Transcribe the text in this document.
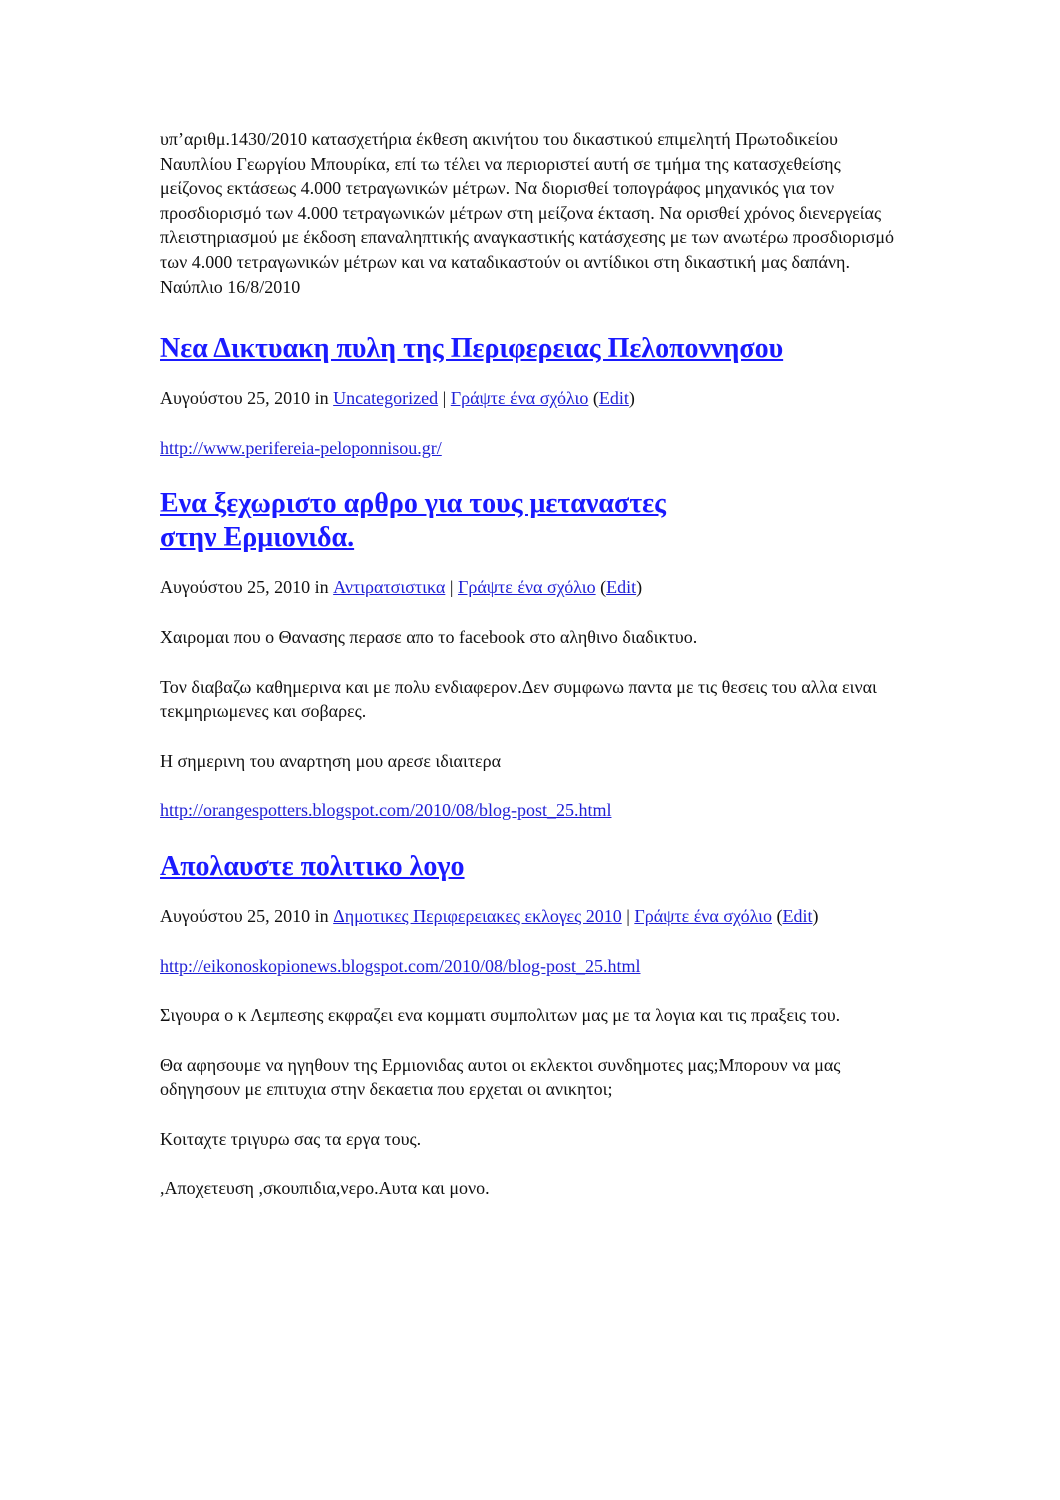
υπ’αριθμ.1430/2010 κατασχετήρια έκθεση ακινήτου του δικαστικού επιμελητή Πρωτοδικείου Ναυπλίου Γεωργίου Μπουρίκα, επί τω τέλει να περιοριστεί αυτή σε τμήμα της κατασχεθείσης μείζονος εκτάσεως 4.000 τετραγωνικών μέτρων. Να διορισθεί τοπογράφος μηχανικός για τον προσδιορισμό των 4.000 τετραγωνικών μέτρων στη μείζονα έκταση. Να ορισθεί χρόνος διενεργείας πλειστηριασμού με έκδοση επαναληπτικής αναγκαστικής κατάσχεσης με των ανωτέρω προσδιορισμό των 4.000 τετραγωνικών μέτρων και να καταδικαστούν οι αντίδικοι στη δικαστική μας δαπάνη.

Ναύπλιο 16/8/2010

Νεα Δικτυακη πυλη της Περιφερειας Πελοποννησου

Αυγούστου 25, 2010 in Uncategorized | Γράψτε ένα σχόλιο (Edit)

http://www.perifereia-peloponnisou.gr/

Ενα ξεχωριστο αρθρο για τους μεταναστες
στην Ερμιονιδα.

Αυγούστου 25, 2010 in Αντιρατσιστικα | Γράψτε ένα σχόλιο (Edit)

Χαιρομαι που ο Θανασης περασε απο το facebook στο αληθινο διαδικτυο.

Τον διαβαζω καθημερινα και με πολυ ενδιαφερον.Δεν συμφωνω παντα με τις θεσεις του αλλα ειναι τεκμηριωμενες και σοβαρες.

Η σημερινη του αναρτηση μου αρεσε ιδιαιτερα

http://orangespotters.blogspot.com/2010/08/blog-post_25.html

Απολαυστε πολιτικο λογο

Αυγούστου 25, 2010 in Δημοτικες Περιφερειακες εκλογες 2010 | Γράψτε ένα σχόλιο (Edit)

http://eikonoskopionews.blogspot.com/2010/08/blog-post_25.html

Σιγουρα ο κ Λεμπεσης εκφραζει ενα κομματι συμπολιτων μας με τα λογια και τις πραξεις του.

Θα αφησουμε να ηγηθουν της Ερμιονιδας αυτοι οι εκλεκτοι συνδημοτες μας;Μπορουν να μας οδηγησουν με επιτυχια στην δεκαετια που ερχεται οι ανικητοι;

Κοιταχτε τριγυρω σας τα εργα τους.

,Αποχετευση ,σκουπιδια,νερο.Αυτα και μονο.
